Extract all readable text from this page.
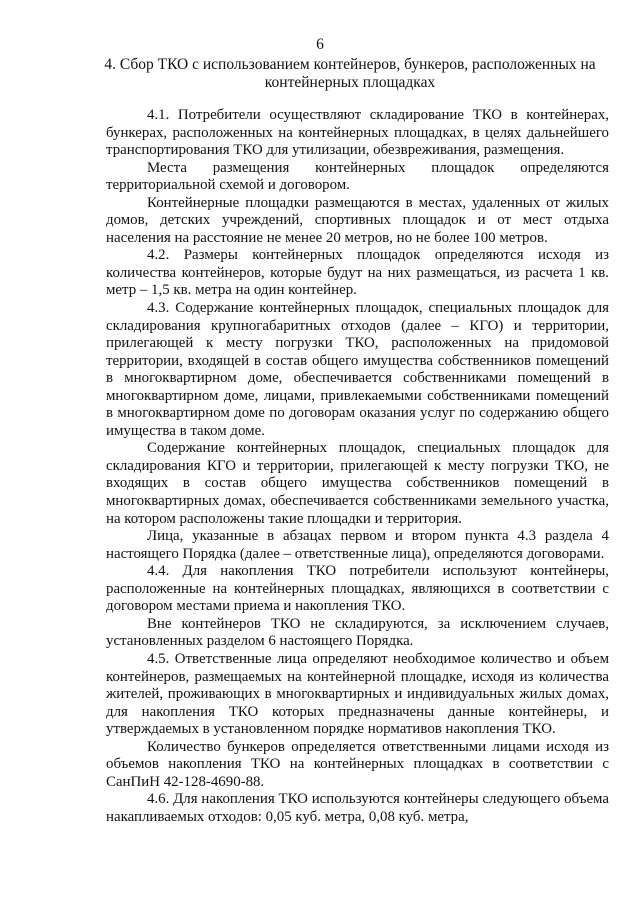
6
4. Сбор ТКО с использованием контейнеров, бункеров, расположенных на контейнерных площадках

4.1. Потребители осуществляют складирование ТКО в контейнерах, бункерах, расположенных на контейнерных площадках, в целях дальнейшего транспортирования ТКО для утилизации, обезвреживания, размещения.

Места размещения контейнерных площадок определяются территориальной схемой и договором.

Контейнерные площадки размещаются в местах, удаленных от жилых домов, детских учреждений, спортивных площадок и от мест отдыха населения на расстояние не менее 20 метров, но не более 100 метров.

4.2. Размеры контейнерных площадок определяются исходя из количества контейнеров, которые будут на них размещаться, из расчета 1 кв. метр – 1,5 кв. метра на один контейнер.

4.3. Содержание контейнерных площадок, специальных площадок для складирования крупногабаритных отходов (далее – КГО) и территории, прилегающей к месту погрузки ТКО, расположенных на придомовой территории, входящей в состав общего имущества собственников помещений в многоквартирном доме, обеспечивается собственниками помещений в многоквартирном доме, лицами, привлекаемыми собственниками помещений в многоквартирном доме по договорам оказания услуг по содержанию общего имущества в таком доме.

Содержание контейнерных площадок, специальных площадок для складирования КГО и территории, прилегающей к месту погрузки ТКО, не входящих в состав общего имущества собственников помещений в многоквартирных домах, обеспечивается собственниками земельного участка, на котором расположены такие площадки и территория.

Лица, указанные в абзацах первом и втором пункта 4.3 раздела 4 настоящего Порядка (далее – ответственные лица), определяются договорами.

4.4. Для накопления ТКО потребители используют контейнеры, расположенные на контейнерных площадках, являющихся в соответствии с договором местами приема и накопления ТКО.

Вне контейнеров ТКО не складируются, за исключением случаев, установленных разделом 6 настоящего Порядка.

4.5. Ответственные лица определяют необходимое количество и объем контейнеров, размещаемых на контейнерной площадке, исходя из количества жителей, проживающих в многоквартирных и индивидуальных жилых домах, для накопления ТКО которых предназначены данные контейнеры, и утверждаемых в установленном порядке нормативов накопления ТКО.

Количество бункеров определяется ответственными лицами исходя из объемов накопления ТКО на контейнерных площадках в соответствии с СанПиН 42-128-4690-88.

4.6. Для накопления ТКО используются контейнеры следующего объема накапливаемых отходов: 0,05 куб. метра, 0,08 куб. метра,
